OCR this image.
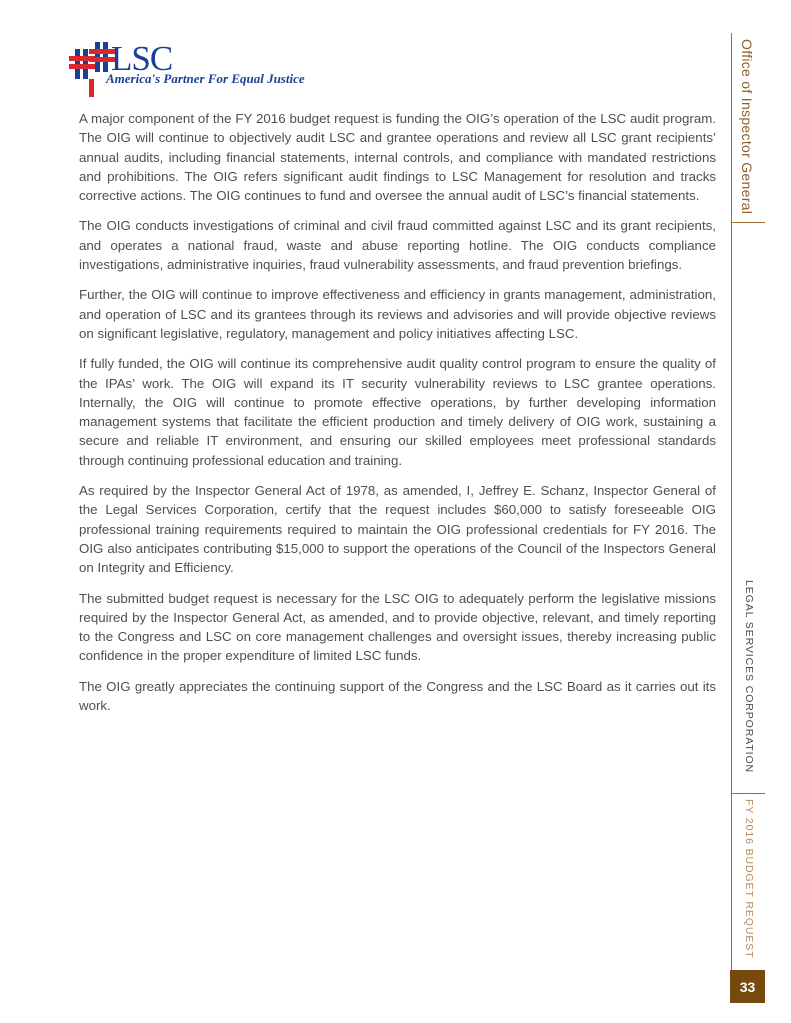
LSC
America's Partner For Equal Justice

A major component of the FY 2016 budget request is funding the OIG’s operation of the LSC audit program. The OIG will continue to objectively audit LSC and grantee operations and review all LSC grant recipients’ annual audits, including financial statements, internal controls, and compliance with mandated restrictions and prohibitions. The OIG refers significant audit findings to LSC Management for resolution and tracks corrective actions. The OIG continues to fund and oversee the annual audit of LSC’s financial statements.

The OIG conducts investigations of criminal and civil fraud committed against LSC and its grant recipients, and operates a national fraud, waste and abuse reporting hotline. The OIG conducts compliance investigations, administrative inquiries, fraud vulnerability assessments, and fraud prevention briefings.

Further, the OIG will continue to improve effectiveness and efficiency in grants management, administration, and operation of LSC and its grantees through its reviews and advisories and will provide objective reviews on significant legislative, regulatory, management and policy initiatives affecting LSC.

If fully funded, the OIG will continue its comprehensive audit quality control program to ensure the quality of the IPAs’ work. The OIG will expand its IT security vulnerability reviews to LSC grantee operations. Internally, the OIG will continue to promote effective operations, by further developing information management systems that facilitate the efficient production and timely delivery of OIG work, sustaining a secure and reliable IT environment, and ensuring our skilled employees meet professional standards through continuing professional education and training.

As required by the Inspector General Act of 1978, as amended, I, Jeffrey E. Schanz, Inspector General of the Legal Services Corporation, certify that the request includes $60,000 to satisfy foreseeable OIG professional training requirements required to maintain the OIG professional credentials for FY 2016. The OIG also anticipates contributing $15,000 to support the operations of the Council of the Inspectors General on Integrity and Efficiency.

The submitted budget request is necessary for the LSC OIG to adequately perform the legislative missions required by the Inspector General Act, as amended, and to provide objective, relevant, and timely reporting to the Congress and LSC on core management challenges and oversight issues, thereby increasing public confidence in the proper expenditure of limited LSC funds.

The OIG greatly appreciates the continuing support of the Congress and the LSC Board as it carries out its work.

Office of Inspector General
LEGAL SERVICES CORPORATION
FY 2016 BUDGET REQUEST
33
